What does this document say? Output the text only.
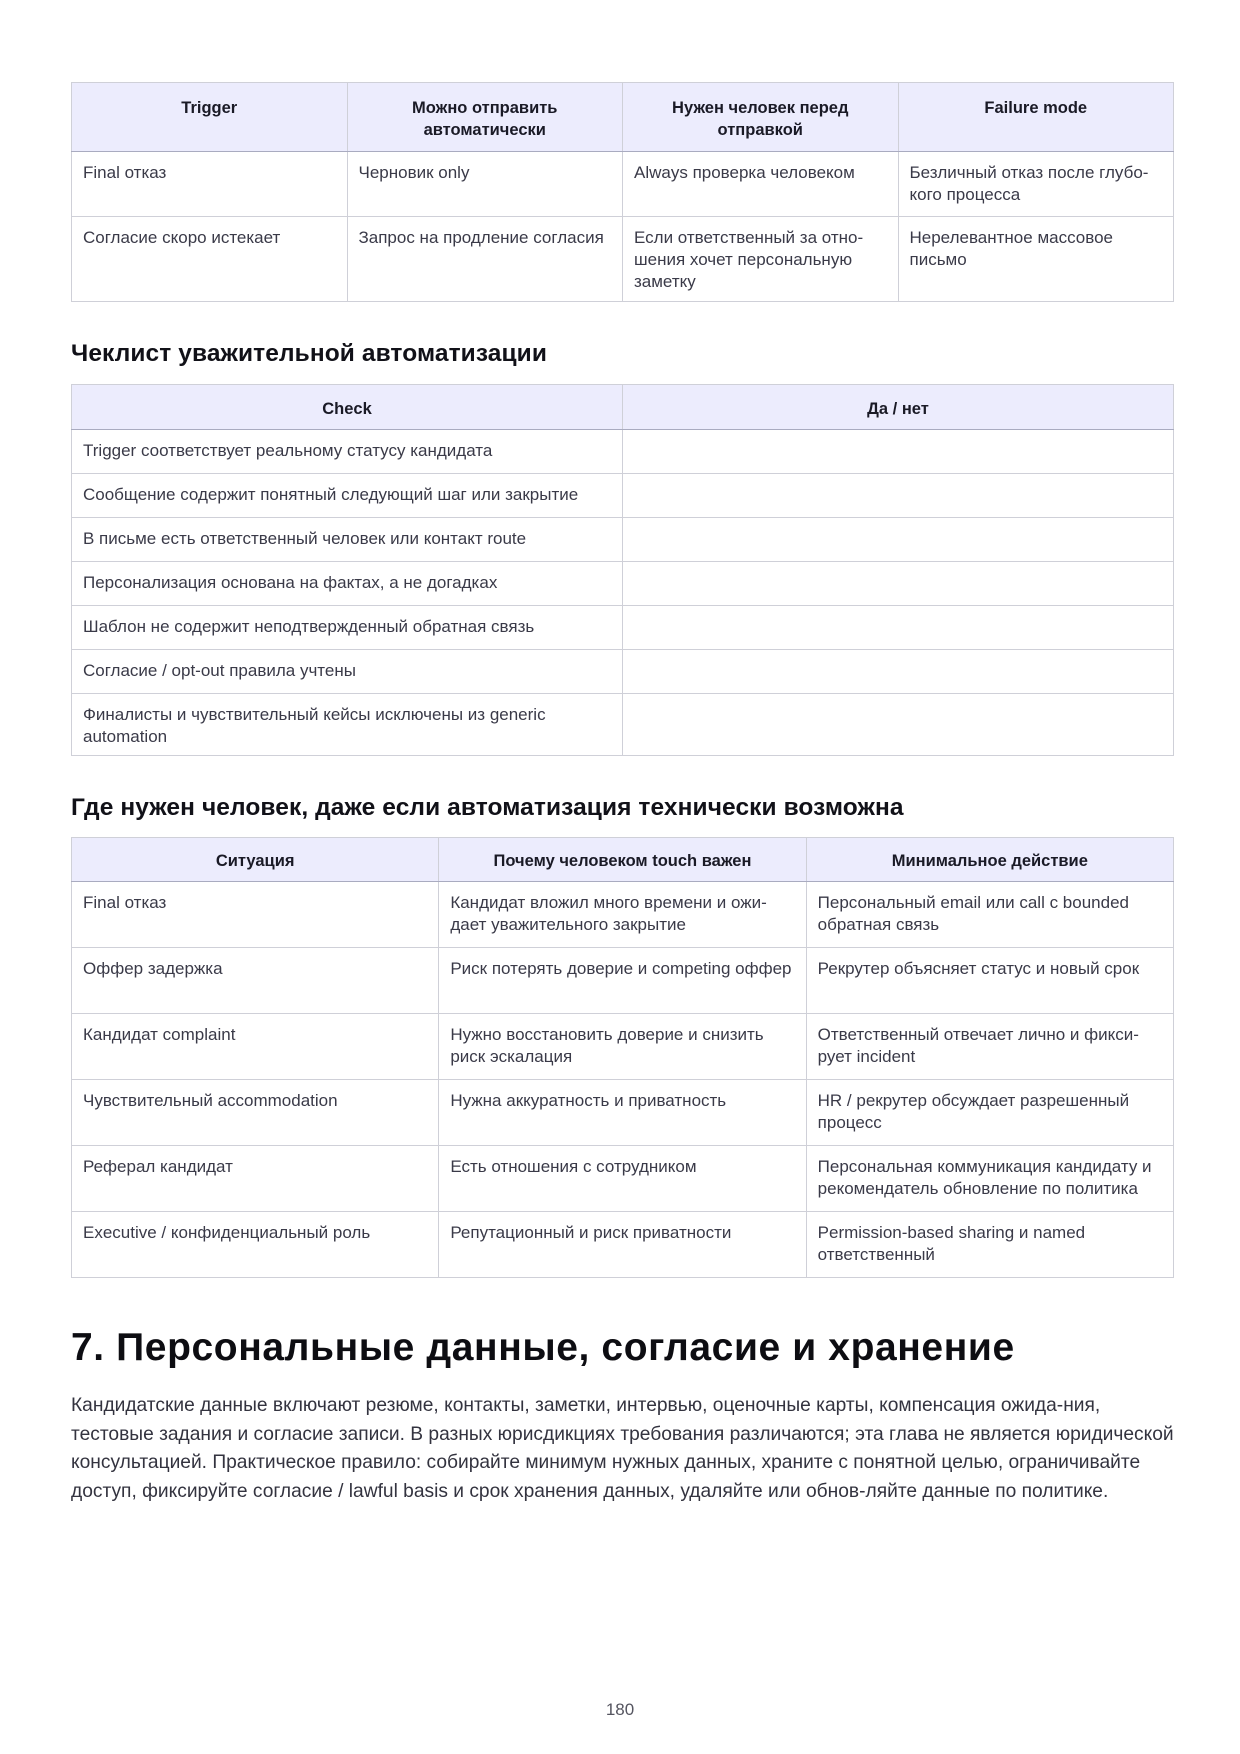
Trigger	Можно отправить автоматически	Нужен человек перед отправкой	Failure mode
Final отказ	Черновик only	Always проверка человеком	Безличный отказ после глубо-кого процесса
Согласие скоро истекает	Запрос на продление согласия	Если ответственный за отно-шения хочет персональную заметку	Нерелевантное массовое письмо
Чеклист уважительной автоматизации
Check	Да / нет
Trigger соответствует реальному статусу кандидата	
Сообщение содержит понятный следующий шаг или закрытие	
В письме есть ответственный человек или контакт route	
Персонализация основана на фактах, а не догадках	
Шаблон не содержит неподтвержденный обратная связь	
Согласие / opt-out правила учтены	
Финалисты и чувствительный кейсы исключены из generic automation	
Где нужен человек, даже если автоматизация технически возможна
Ситуация	Почему человеком touch важен	Минимальное действие
Final отказ	Кандидат вложил много времени и ожи-дает уважительного закрытие	Персональный email или call с bounded обратная связь
Оффер задержка	Риск потерять доверие и competing оффер	Рекрутер объясняет статус и новый срок
Кандидат complaint	Нужно восстановить доверие и снизить риск эскалация	Ответственный отвечает лично и фикси-рует incident
Чувствительный accommodation	Нужна аккуратность и приватность	HR / рекрутер обсуждает разрешенный процесс
Реферал кандидат	Есть отношения с сотрудником	Персональная коммуникация кандидату и рекомендатель обновление по политика
Executive / конфиденциальный роль	Репутационный и риск приватности	Permission-based sharing и named ответственный
7. Персональные данные, согласие и хранение

Кандидатские данные включают резюме, контакты, заметки, интервью, оценочные карты, компенсация ожида-ния, тестовые задания и согласие записи. В разных юрисдикциях требования различаются; эта глава не является юридической консультацией. Практическое правило: собирайте минимум нужных данных, храните с понятной целью, ограничивайте доступ, фиксируйте согласие / lawful basis и срок хранения данных, удаляйте или обнов-ляйте данные по политике.

180
